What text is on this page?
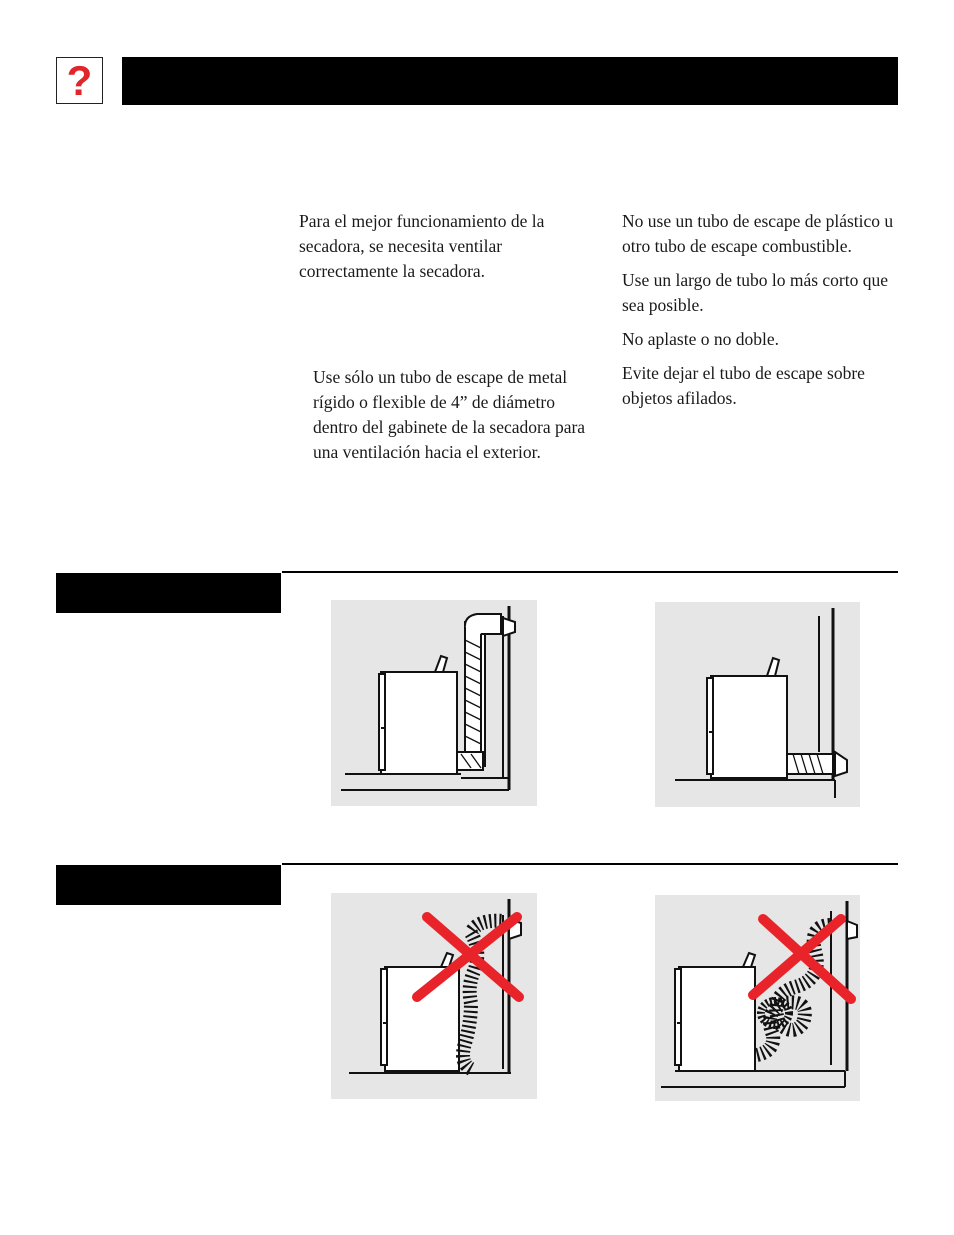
?

Para el mejor funcionamiento de la secadora, se necesita ventilar correctamente la secadora.

Use sólo un tubo de escape de metal rígido o flexible de 4” de diámetro dentro del gabinete de la secadora para una ventilación hacia el exterior.

No use un tubo de escape de plástico u otro tubo de escape combustible.

Use un largo de tubo lo más corto que sea posible.

No aplaste o no doble.

Evite dejar el tubo de escape sobre objetos afilados.
